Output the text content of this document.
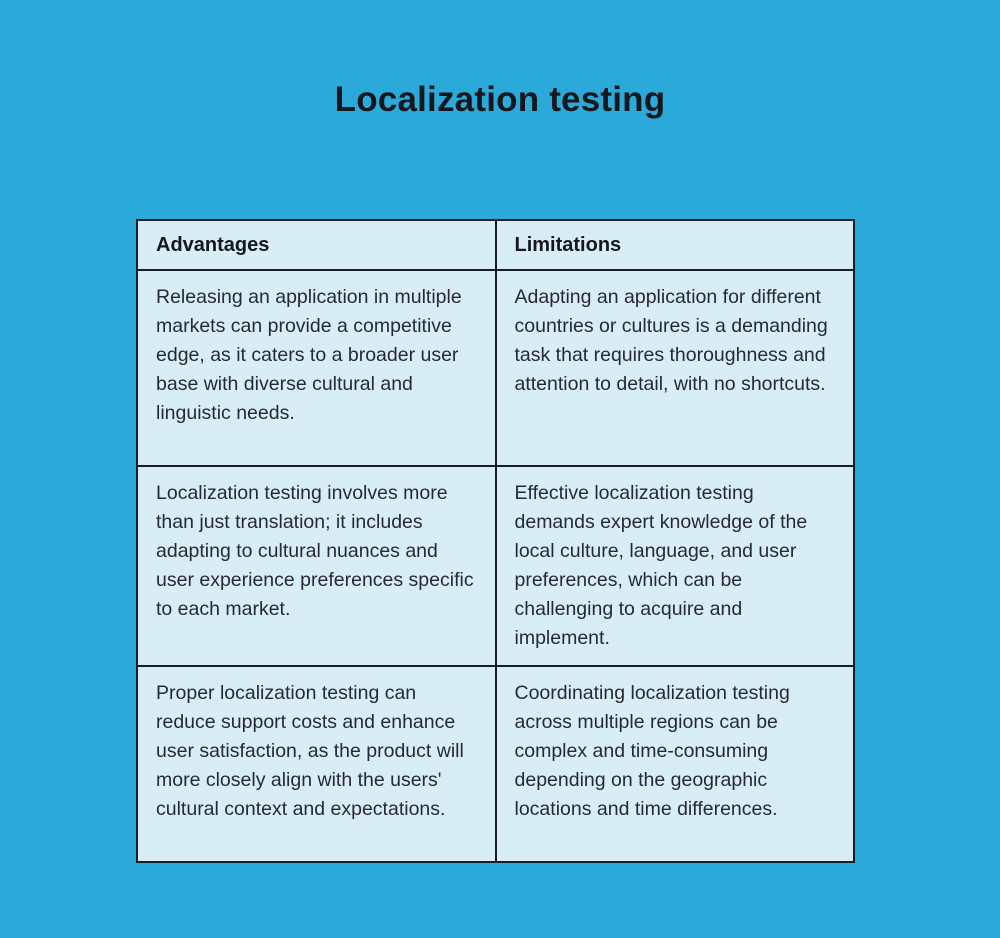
Localization testing
Advantages	Limitations
Releasing an application in multiple markets can provide a competitive edge, as it caters to a broader user base with diverse cultural and linguistic needs.	Adapting an application for different countries or cultures is a demanding task that requires thoroughness and attention to detail, with no shortcuts.
Localization testing involves more than just translation; it includes adapting to cultural nuances and user experience preferences specific to each market.	Effective localization testing demands expert knowledge of the local culture, language, and user preferences, which can be challenging to acquire and implement.
Proper localization testing can reduce support costs and enhance user satisfaction, as the product will more closely align with the users' cultural context and expectations.	Coordinating localization testing across multiple regions can be complex and time-consuming depending on the geographic locations and time differences.
